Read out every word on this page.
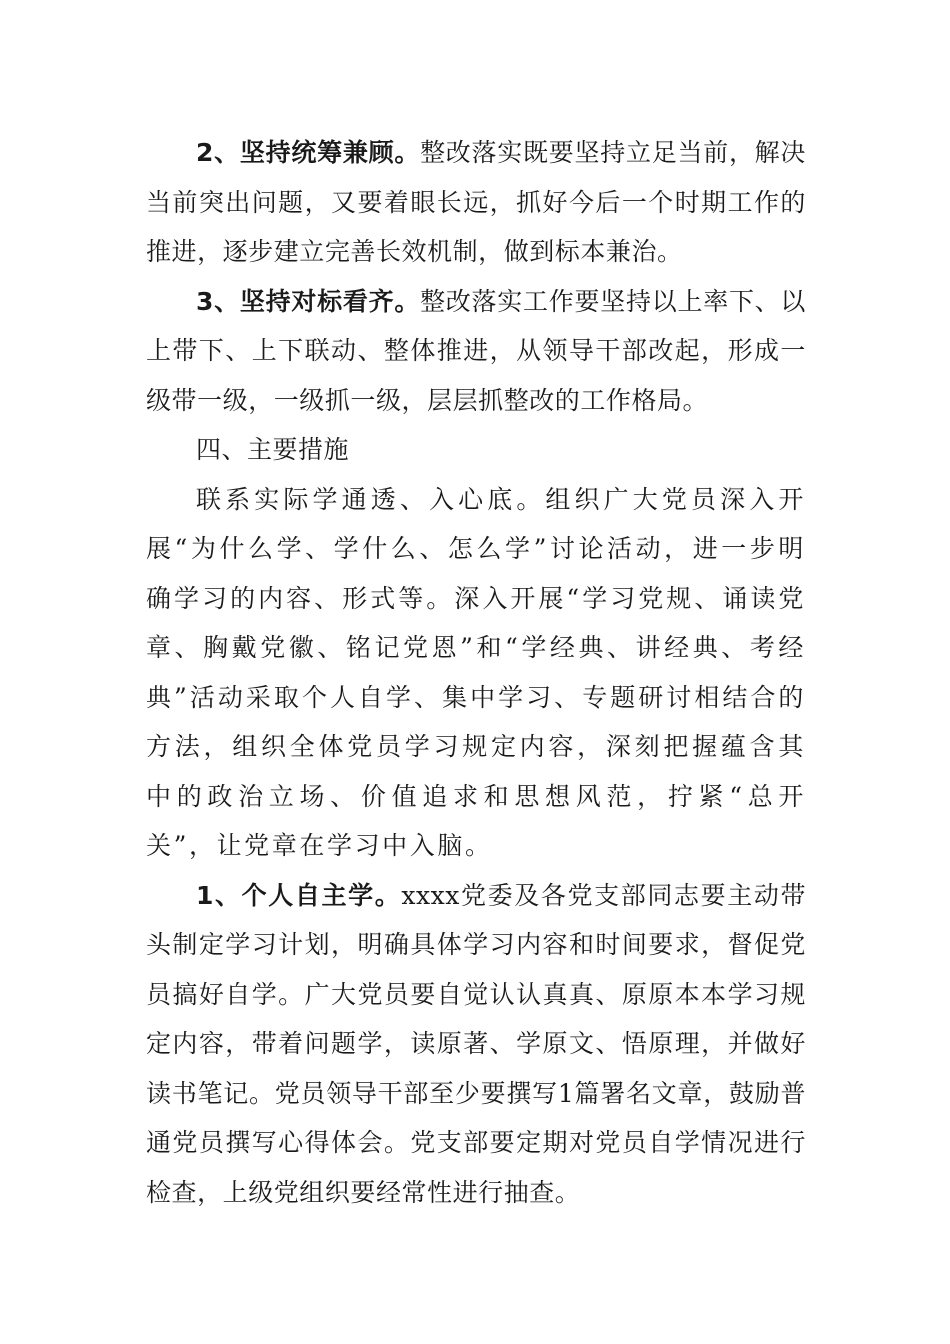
2、坚持统筹兼顾。整改落实既要坚持立足当前，解决当前突出问题，又要着眼长远，抓好今后一个时期工作的推进，逐步建立完善长效机制，做到标本兼治。

3、坚持对标看齐。整改落实工作要坚持以上率下、以上带下、上下联动、整体推进，从领导干部改起，形成一级带一级，一级抓一级，层层抓整改的工作格局。

四、主要措施

联系实际学通透、入心底。组织广大党员深入开展“为什么学、学什么、怎么学”讨论活动，进一步明确学习的内容、形式等。深入开展“学习党规、诵读党章、胸戴党徽、铭记党恩”和“学经典、讲经典、考经典”活动采取个人自学、集中学习、专题研讨相结合的方法，组织全体党员学习规定内容，深刻把握蕴含其中的政治立场、价值追求和思想风范，拧紧“总开关”，让党章在学习中入脑。

1、个人自主学。xxxx党委及各党支部同志要主动带头制定学习计划，明确具体学习内容和时间要求，督促党员搞好自学。广大党员要自觉认认真真、原原本本学习规定内容，带着问题学，读原著、学原文、悟原理，并做好读书笔记。党员领导干部至少要撰写1篇署名文章，鼓励普通党员撰写心得体会。党支部要定期对党员自学情况进行检查，上级党组织要经常性进行抽查。
